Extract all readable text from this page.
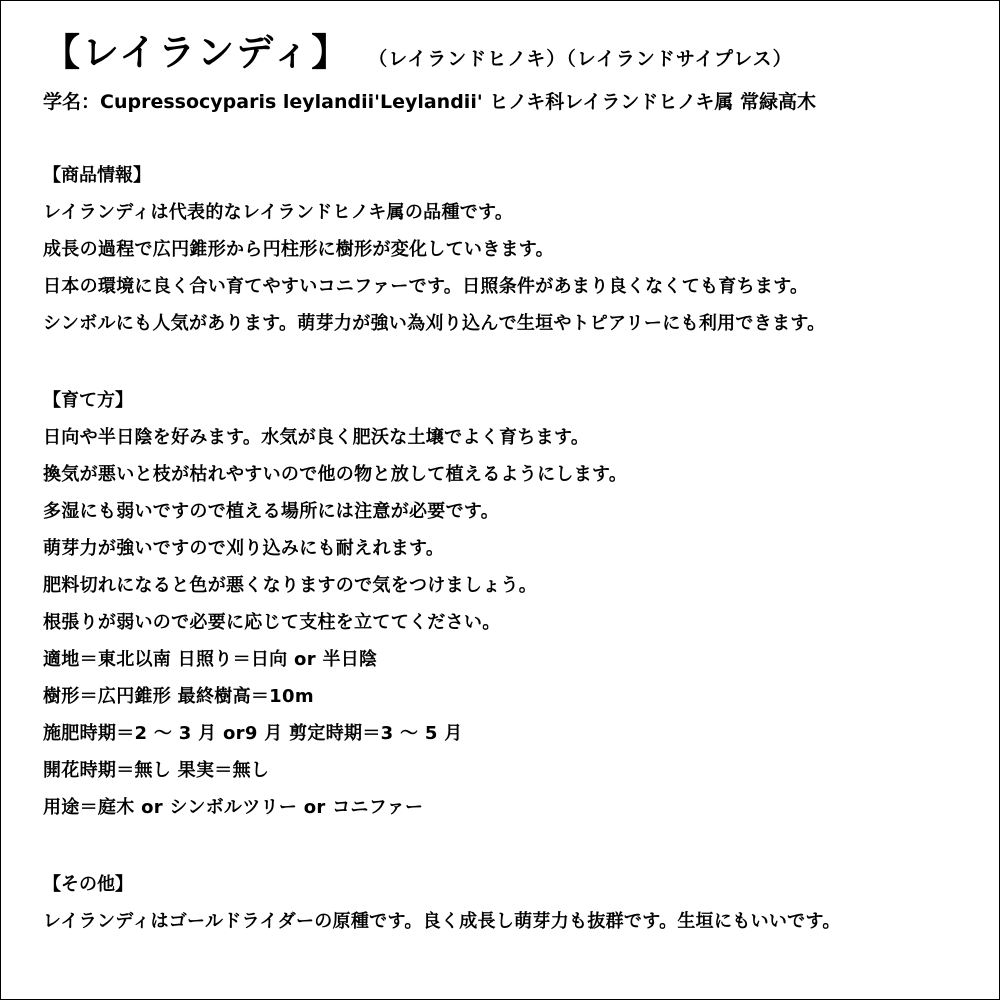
【レイランディ】 （レイランドヒノキ）（レイランドサイプレス）
学名：Cupressocyparis leylandii'Leylandii' ヒノキ科レイランドヒノキ属 常緑高木
【商品情報】
レイランディは代表的なレイランドヒノキ属の品種です。
成長の過程で広円錐形から円柱形に樹形が変化していきます。
日本の環境に良く合い育てやすいコニファーです。日照条件があまり良くなくても育ちます。
シンボルにも人気があります。萌芽力が強い為刈り込んで生垣やトピアリーにも利用できます。
【育て方】
日向や半日陰を好みます。水気が良く肥沃な土壌でよく育ちます。
換気が悪いと枝が枯れやすいので他の物と放して植えるようにします。
多湿にも弱いですので植える場所には注意が必要です。
萌芽力が強いですので刈り込みにも耐えれます。
肥料切れになると色が悪くなりますので気をつけましょう。
根張りが弱いので必要に応じて支柱を立ててください。
適地＝東北以南 日照り＝日向 or 半日陰
樹形＝広円錐形 最終樹高＝10m
施肥時期＝2 ～ 3 月 or9 月 剪定時期＝3 ～ 5 月
開花時期＝無し 果実＝無し
用途＝庭木 or シンボルツリー or コニファー
【その他】
レイランディはゴールドライダーの原種です。良く成長し萌芽力も抜群です。生垣にもいいです。
